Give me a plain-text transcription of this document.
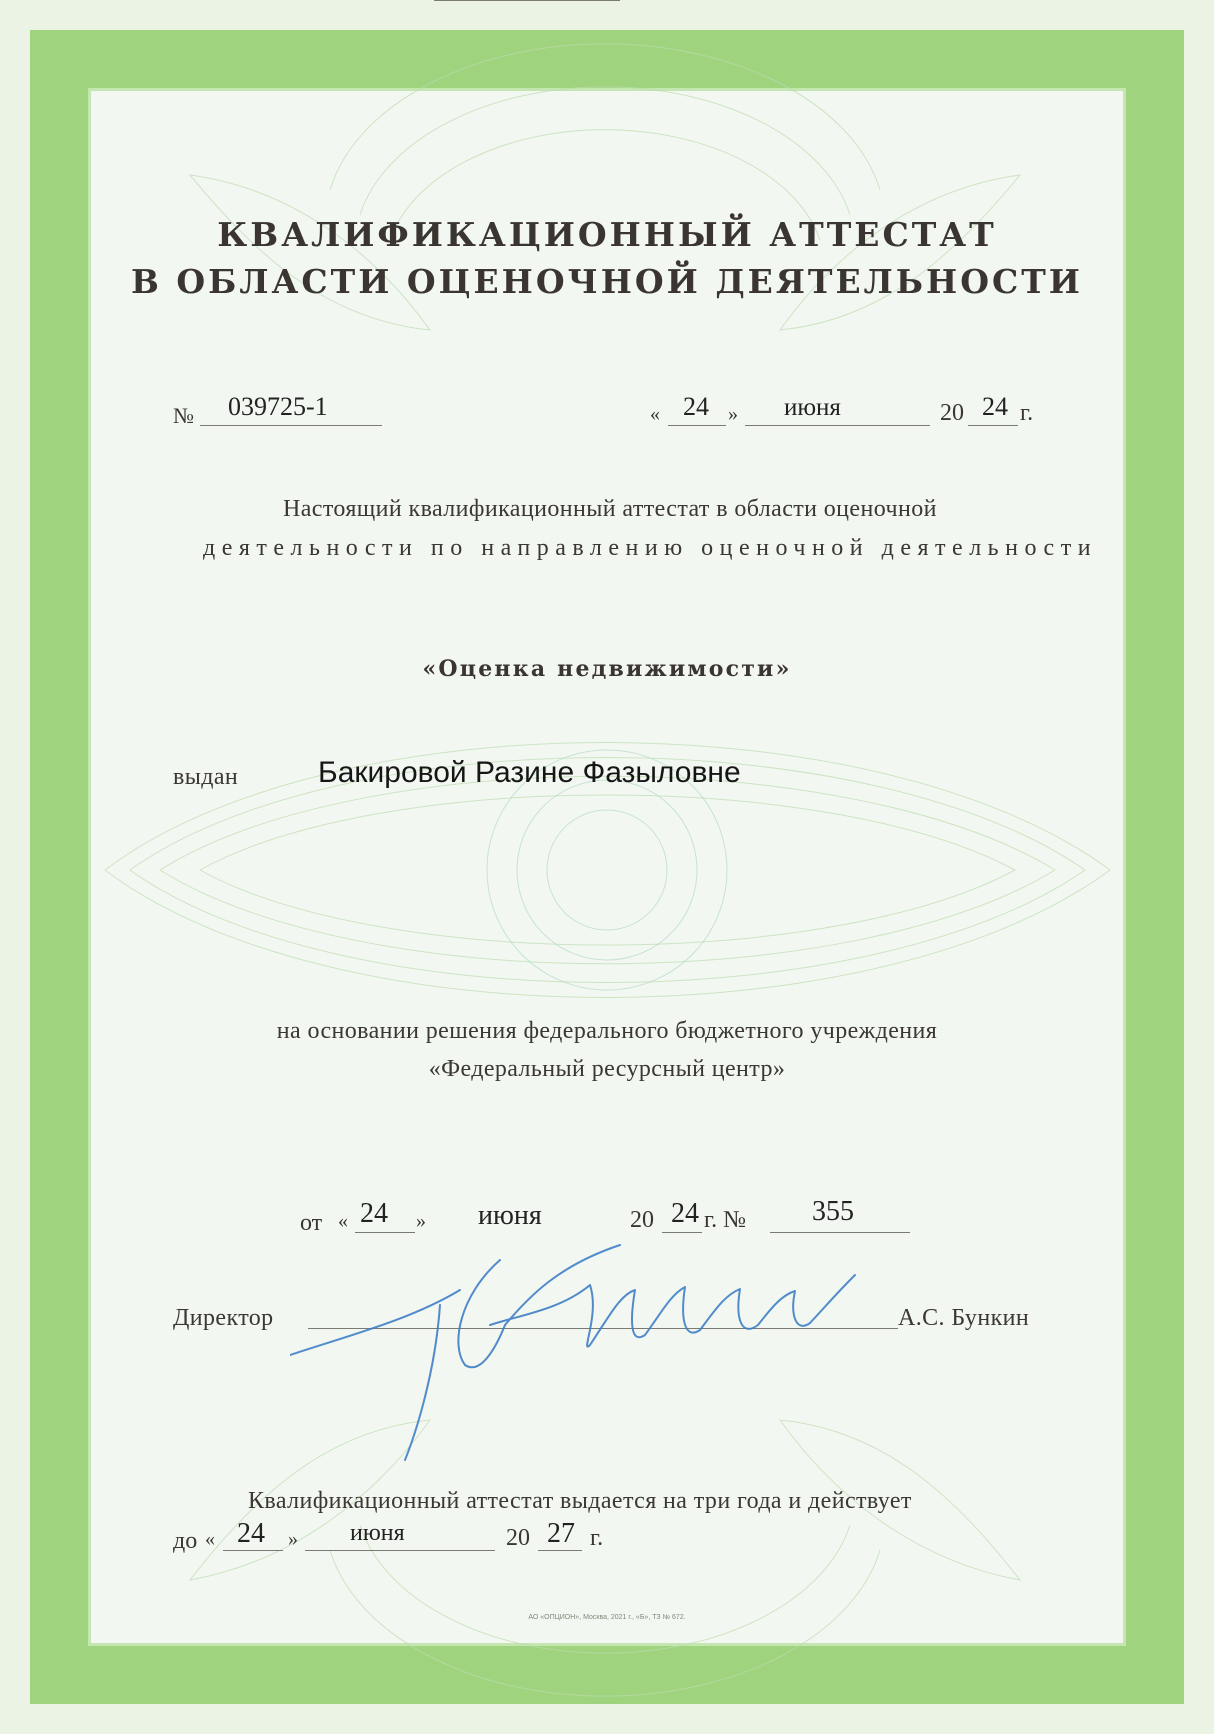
КВАЛИФИКАЦИОННЫЙ АТТЕСТАТ
В ОБЛАСТИ ОЦЕНОЧНОЙ ДЕЯТЕЛЬНОСТИ
№ 039725-1	« 24 » июня	20 24 г.
Настоящий квалификационный аттестат в области оценочной
деятельности по направлению оценочной деятельности
«Оценка недвижимости»
выдан	Бакировой Разине Фазыловне
на основании решения федерального бюджетного учреждения
«Федеральный ресурсный центр»
от « 24 » июня	20 24 г. № 355
Директор	А.С. Бункин
Квалификационный аттестат выдается на три года и действует
до « 24 » июня	20 27 г.
АО «ОПЦИОН», Москва, 2021 г., «Б», ТЗ № 672.
